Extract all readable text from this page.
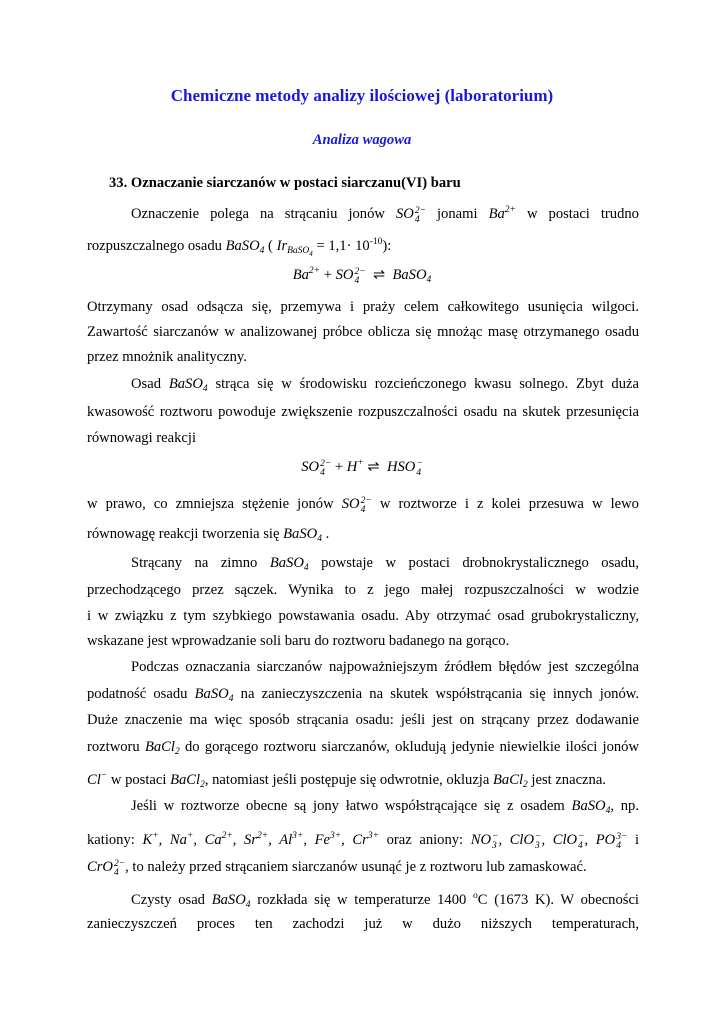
Chemiczne metody analizy ilościowej (laboratorium)
Analiza wagowa
33. Oznaczanie siarczanów w postaci siarczanu(VI) baru
Oznaczenie polega na strącaniu jonów SO 2−
4	jonami $Ba^{2+}$ w postaci trudno
rozpuszczalnego osadu BaSO$_4$ ( $Ir_{BaSO_4} = 1,1\cdot 10^{-10}$):
$Ba^{2+}$ + SO 2−
4 ⇌  BaSO$_4$
Otrzymany osad odsącza się, przemywa i praży celem całkowitego usunięcia wilgoci.
Zawartość siarczanów w analizowanej próbce oblicza się mnożąc masę otrzymanego osadu
przez mnożnik analityczny.
Osad BaSO$_4$ strąca się w środowisku rozcieńczonego kwasu solnego. Zbyt duża
kwasowość roztworu powoduje zwiększenie rozpuszczalności osadu na skutek przesunięcia
równowagi reakcji
SO 2−
4 + H+ ⇌  HSO −
4
w prawo, co zmniejsza stężenie jonów SO 2−
4 w roztworze i z kolei przesuwa w lewo
równowagę reakcji tworzenia się BaSO$_4$ .
Strącany na zimno BaSO$_4$ powstaje w postaci drobnokrystalicznego osadu,
przechodzącego przez sączek. Wynika to z jego małej rozpuszczalności w wodzie
i w związku z tym szybkiego powstawania osadu. Aby otrzymać osad grubokrystaliczny,
wskazane jest wprowadzanie soli baru do roztworu badanego na gorąco.
Podczas oznaczania siarczanów najpoważniejszym źródłem błędów jest szczególna
podatność osadu BaSO$_4$ na zanieczyszczenia na skutek współstrącania się innych jonów.
Duże znaczenie ma więc sposób strącania osadu: jeśli jest on strącany przez dodawanie
roztworu BaCl$_2$ do gorącego roztworu siarczanów, okludują jedynie niewielkie ilości jonów
Cl− w postaci BaCl$_2$, natomiast jeśli postępuje się odwrotnie, okluzja BaCl$_2$ jest znaczna.
Jeśli w roztworze obecne są jony łatwo współstrącające się z osadem BaSO$_4$, np.
kationy: K+, Na+, $Ca^{2+}$, $Sr^{2+}$, $Al^{3+}$, $Fe^{3+}$, $Cr^{3+}$ oraz aniony: NO −
3 , ClO −
3 , ClO −
4 , PO 3−
4 i
CrO 2−
4 , to należy przed strącaniem siarczanów usunąć je z roztworu lub zamaskować.
Czysty osad BaSO$_4$ rozkłada się w temperaturze 1400 $^o$C (1673 K). W obecności
zanieczyszczeń proces ten zachodzi już w dużo niższych temperaturach,
